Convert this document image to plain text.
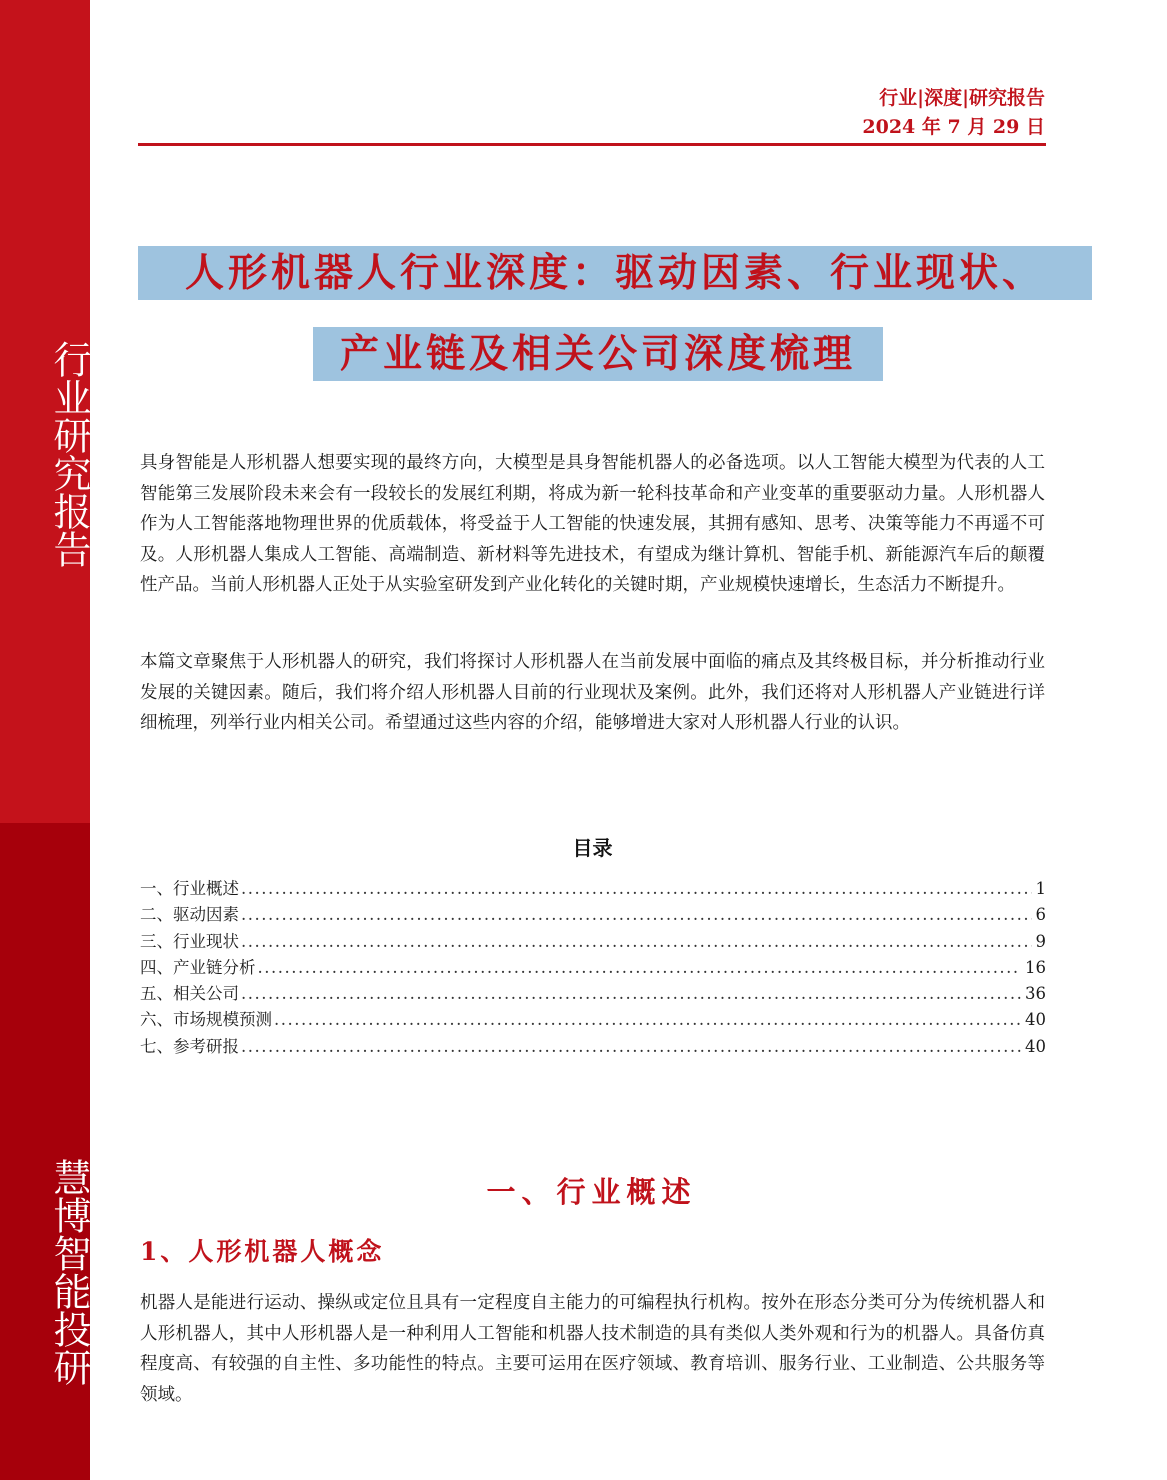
行业研究报告
慧博智能投研
行业|深度|研究报告
2024 年 7 月 29 日
人形机器人行业深度：驱动因素、行业现状、
产业链及相关公司深度梳理

具身智能是人形机器人想要实现的最终方向，大模型是具身智能机器人的必备选项。以人工智能大模型为代表的人工智能第三发展阶段未来会有一段较长的发展红利期，将成为新一轮科技革命和产业变革的重要驱动力量。人形机器人作为人工智能落地物理世界的优质载体，将受益于人工智能的快速发展，其拥有感知、思考、决策等能力不再遥不可及。人形机器人集成人工智能、高端制造、新材料等先进技术，有望成为继计算机、智能手机、新能源汽车后的颠覆性产品。当前人形机器人正处于从实验室研发到产业化转化的关键时期，产业规模快速增长，生态活力不断提升。

本篇文章聚焦于人形机器人的研究，我们将探讨人形机器人在当前发展中面临的痛点及其终极目标，并分析推动行业发展的关键因素。随后，我们将介绍人形机器人目前的行业现状及案例。此外，我们还将对人形机器人产业链进行详细梳理，列举行业内相关公司。希望通过这些内容的介绍，能够增进大家对人形机器人行业的认识。

目录
一、行业概述 .....	1
二、驱动因素 .....	6
三、行业现状 .....	9
四、产业链分析 .....	16
五、相关公司 .....	36
六、市场规模预测 .....	40
七、参考研报 .....	40
一、行业概述
1、人形机器人概念

机器人是能进行运动、操纵或定位且具有一定程度自主能力的可编程执行机构。按外在形态分类可分为传统机器人和人形机器人，其中人形机器人是一种利用人工智能和机器人技术制造的具有类似人类外观和行为的机器人。具备仿真程度高、有较强的自主性、多功能性的特点。主要可运用在医疗领域、教育培训、服务行业、工业制造、公共服务等领域。
